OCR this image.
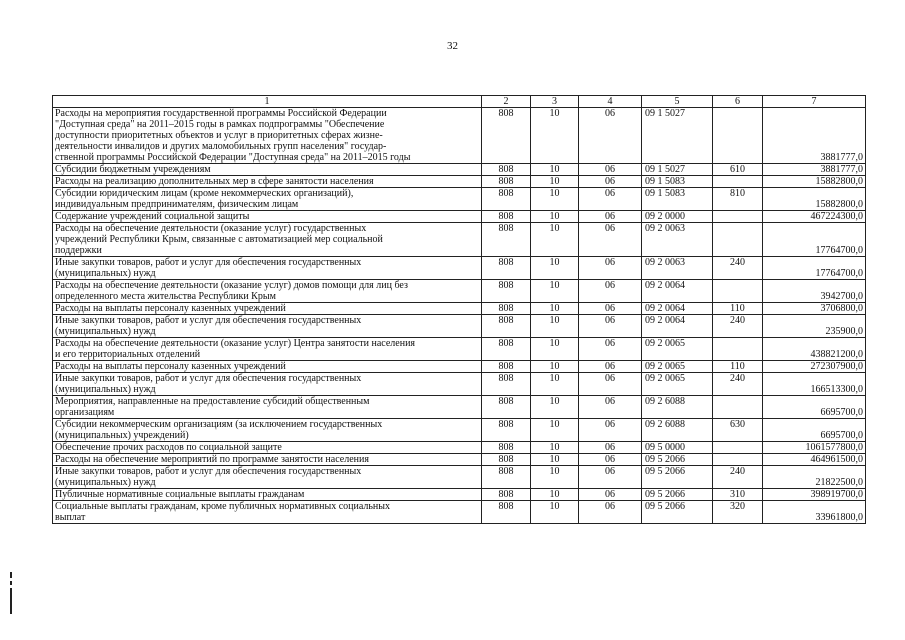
32
1	2	3	4	5	6	7
Расходы на мероприятия государственной программы Российской Федерации
"Доступная среда" на 2011–2015 годы в рамках подпрограммы "Обеспечение
доступности приоритетных объектов и услуг в приоритетных сферах жизне-
деятельности инвалидов и других маломобильных групп населения" государ-
ственной программы Российской Федерации "Доступная среда" на 2011–2015 годы	808	10	06	09 1 5027		3881777,0
Субсидии бюджетным учреждениям	808	10	06	09 1 5027	610	3881777,0
Расходы на реализацию дополнительных мер в сфере занятости населения	808	10	06	09 1 5083		15882800,0
Субсидии юридическим лицам (кроме некоммерческих организаций),
индивидуальным предпринимателям, физическим лицам	808	10	06	09 1 5083	810	15882800,0
Содержание учреждений социальной защиты	808	10	06	09 2 0000		467224300,0
Расходы на обеспечение деятельности (оказание услуг) государственных
учреждений Республики Крым, связанные с автоматизацией мер социальной
поддержки	808	10	06	09 2 0063		17764700,0
Иные закупки товаров, работ и услуг для обеспечения государственных
(муниципальных) нужд	808	10	06	09 2 0063	240	17764700,0
Расходы на обеспечение деятельности (оказание услуг) домов помощи для лиц без
определенного места жительства Республики Крым	808	10	06	09 2 0064		3942700,0
Расходы на выплаты персоналу казенных учреждений	808	10	06	09 2 0064	110	3706800,0
Иные закупки товаров, работ и услуг для обеспечения государственных
(муниципальных) нужд	808	10	06	09 2 0064	240	235900,0
Расходы на обеспечение деятельности (оказание услуг) Центра занятости населения
и его территориальных отделений	808	10	06	09 2 0065		438821200,0
Расходы на выплаты персоналу казенных учреждений	808	10	06	09 2 0065	110	272307900,0
Иные закупки товаров, работ и услуг для обеспечения государственных
(муниципальных) нужд	808	10	06	09 2 0065	240	166513300,0
Мероприятия, направленные на предоставление субсидий общественным
организациям	808	10	06	09 2 6088		6695700,0
Субсидии некоммерческим организациям (за исключением государственных
(муниципальных) учреждений)	808	10	06	09 2 6088	630	6695700,0
Обеспечение прочих расходов по социальной защите	808	10	06	09 5 0000		1061577800,0
Расходы на обеспечение мероприятий по программе занятости населения	808	10	06	09 5 2066		464961500,0
Иные закупки товаров, работ и услуг для обеспечения государственных
(муниципальных) нужд	808	10	06	09 5 2066	240	21822500,0
Публичные нормативные социальные выплаты гражданам	808	10	06	09 5 2066	310	398919700,0
Социальные выплаты гражданам, кроме публичных нормативных социальных
выплат	808	10	06	09 5 2066	320	33961800,0
